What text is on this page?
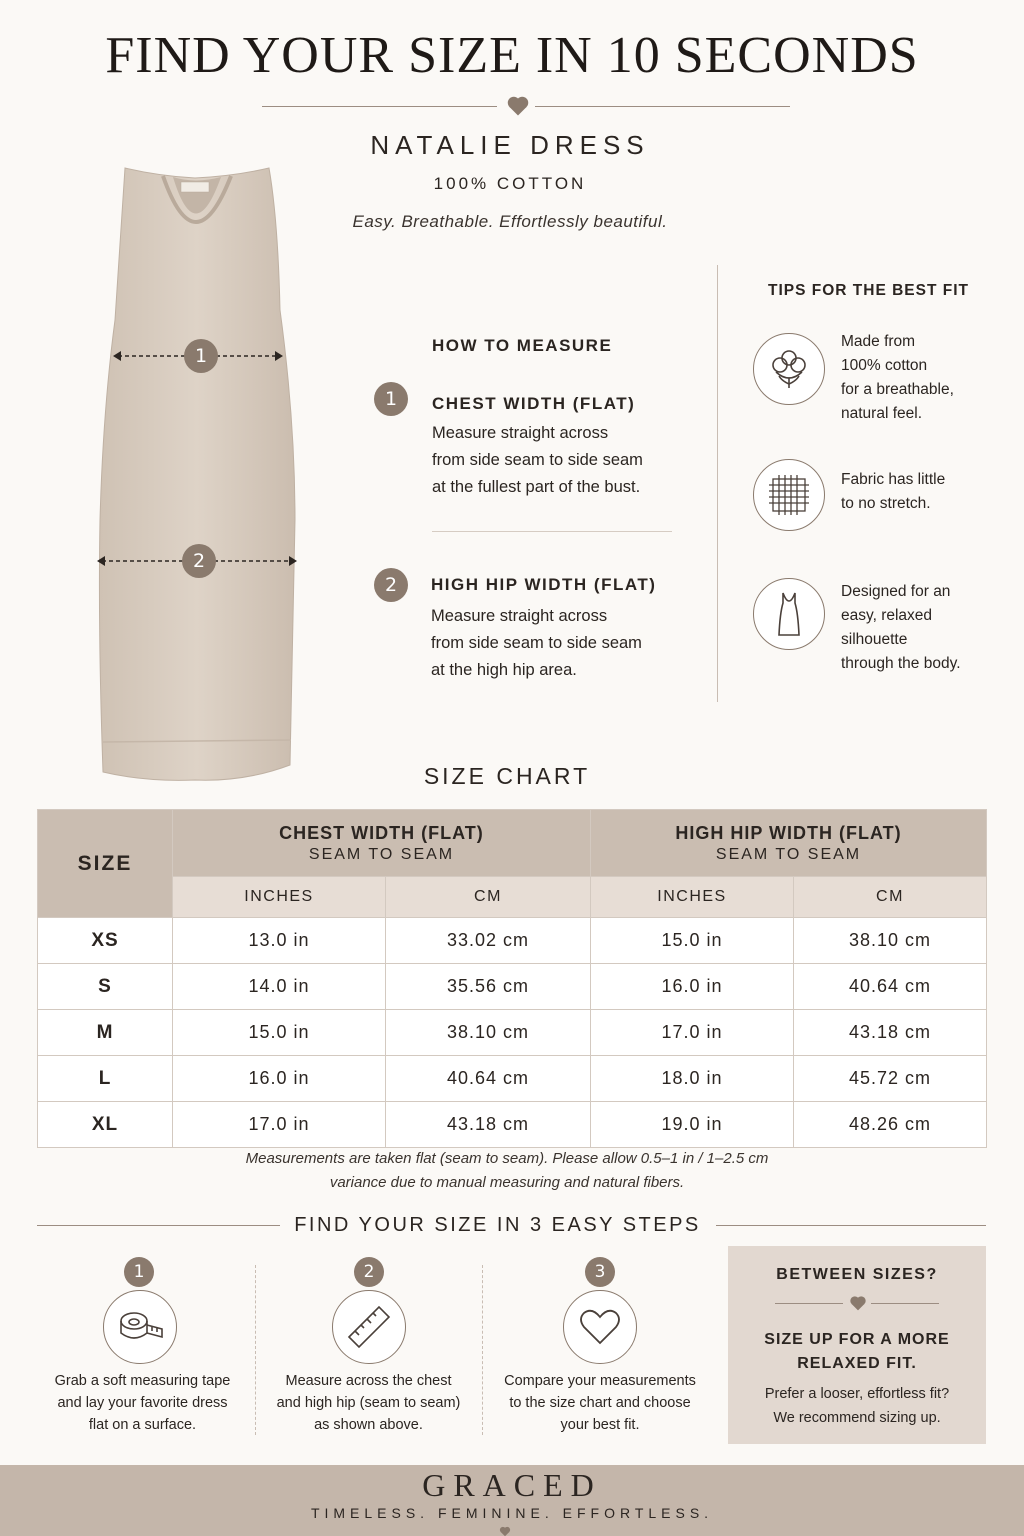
FIND YOUR SIZE IN 10 SECONDS
NATALIE DRESS
100% COTTON
Easy. Breathable. Effortlessly beautiful.
1
2
HOW TO MEASURE
1	CHEST WIDTH (FLAT)
Measure straight across
from side seam to side seam
at the fullest part of the bust.
2	HIGH HIP WIDTH (FLAT)
Measure straight across
from side seam to side seam
at the high hip area.
TIPS FOR THE BEST FIT
Made from
100% cotton
for a breathable,
natural feel.
Fabric has little
to no stretch.
Designed for an
easy, relaxed
silhouette
through the body.
SIZE CHART
SIZE	CHEST WIDTH (FLAT)
SEAM TO SEAM		HIGH HIP WIDTH (FLAT)
SEAM TO SEAM	

	INCHES	CM	INCHES	CM
XS	13.0 in	33.02 cm	15.0 in	38.10 cm
S	14.0 in	35.56 cm	16.0 in	40.64 cm
M	15.0 in	38.10 cm	17.0 in	43.18 cm
L	16.0 in	40.64 cm	18.0 in	45.72 cm
XL	17.0 in	43.18 cm	19.0 in	48.26 cm
Measurements are taken flat (seam to seam). Please allow 0.5–1 in / 1–2.5 cm
variance due to manual measuring and natural fibers.
FIND YOUR SIZE IN 3 EASY STEPS
1
Grab a soft measuring tape
and lay your favorite dress
flat on a surface.
2
Measure across the chest
and high hip (seam to seam)
as shown above.
3
Compare your measurements
to the size chart and choose
your best fit.
BETWEEN SIZES?
SIZE UP FOR A MORE
RELAXED FIT.
Prefer a looser, effortless fit?
We recommend sizing up.
GRACED
TIMELESS. FEMININE. EFFORTLESS.
